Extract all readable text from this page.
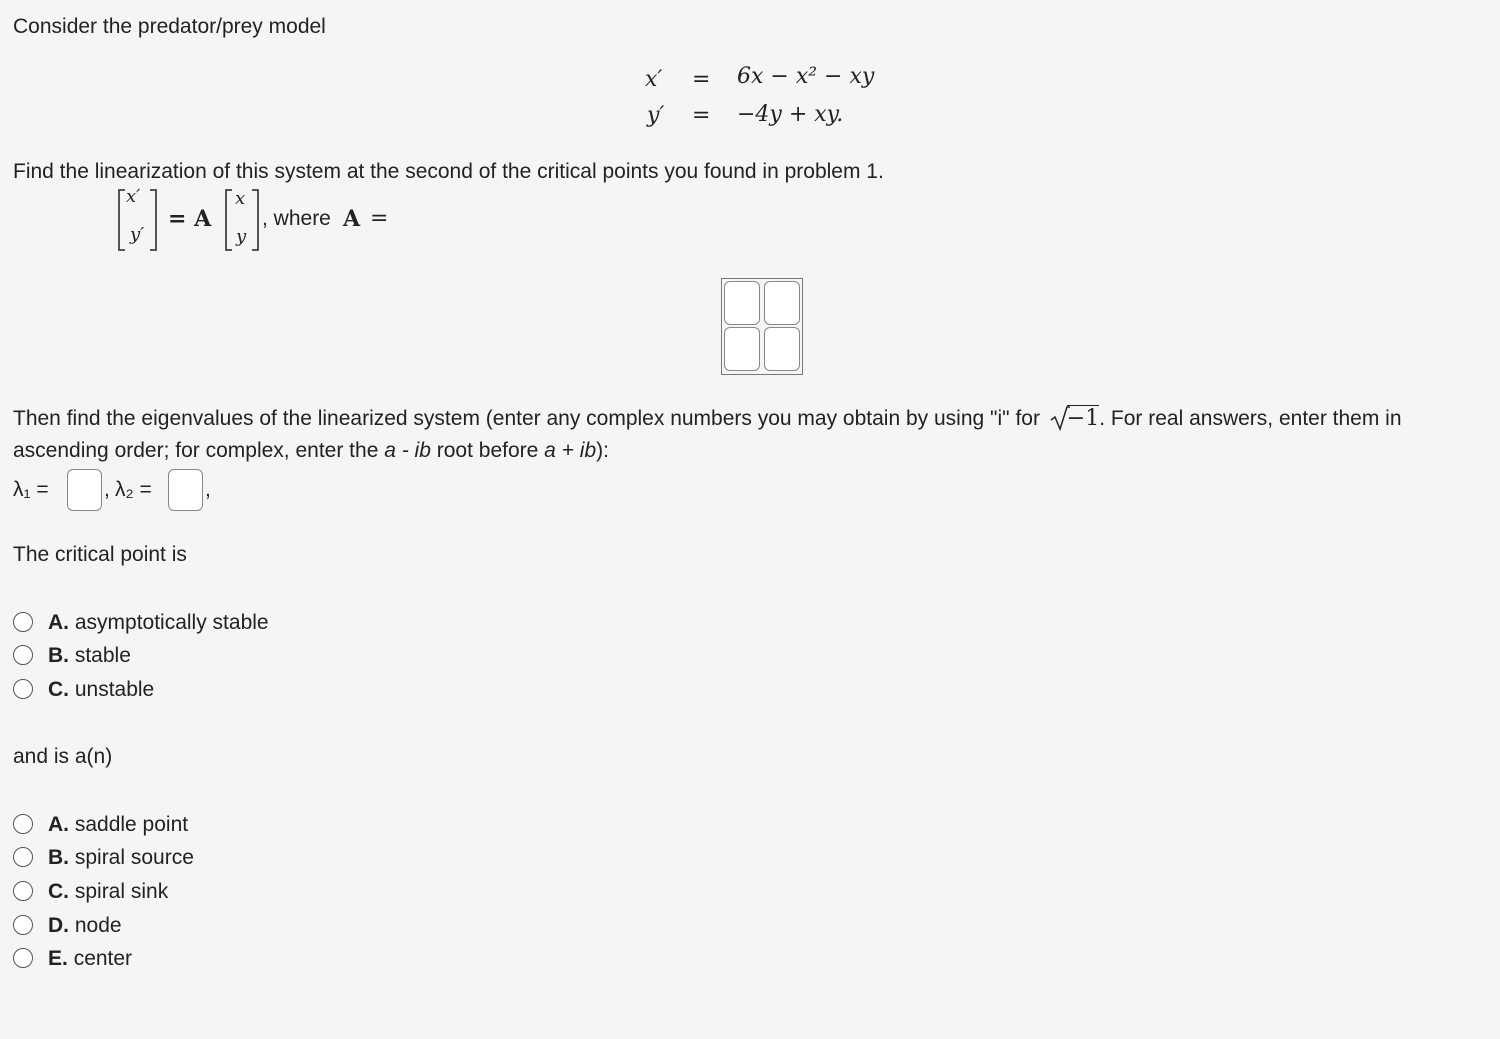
Consider the predator/prey model
x′ = 6x − x² − xy
y′ = −4y + xy.
Find the linearization of this system at the second of the critical points you found in problem 1.
x′
y′
= A
x
y
, where A =
Then find the eigenvalues of the linearized system (enter any complex numbers you may obtain by using "i" for −1. For real answers, enter them in
ascending order; for complex, enter the a - ib root before a + ib):
λ₁ =	, λ₂ =	,
The critical point is
A. asymptotically stable
B. stable
C. unstable
and is a(n)
A. saddle point
B. spiral source
C. spiral sink
D. node
E. center
